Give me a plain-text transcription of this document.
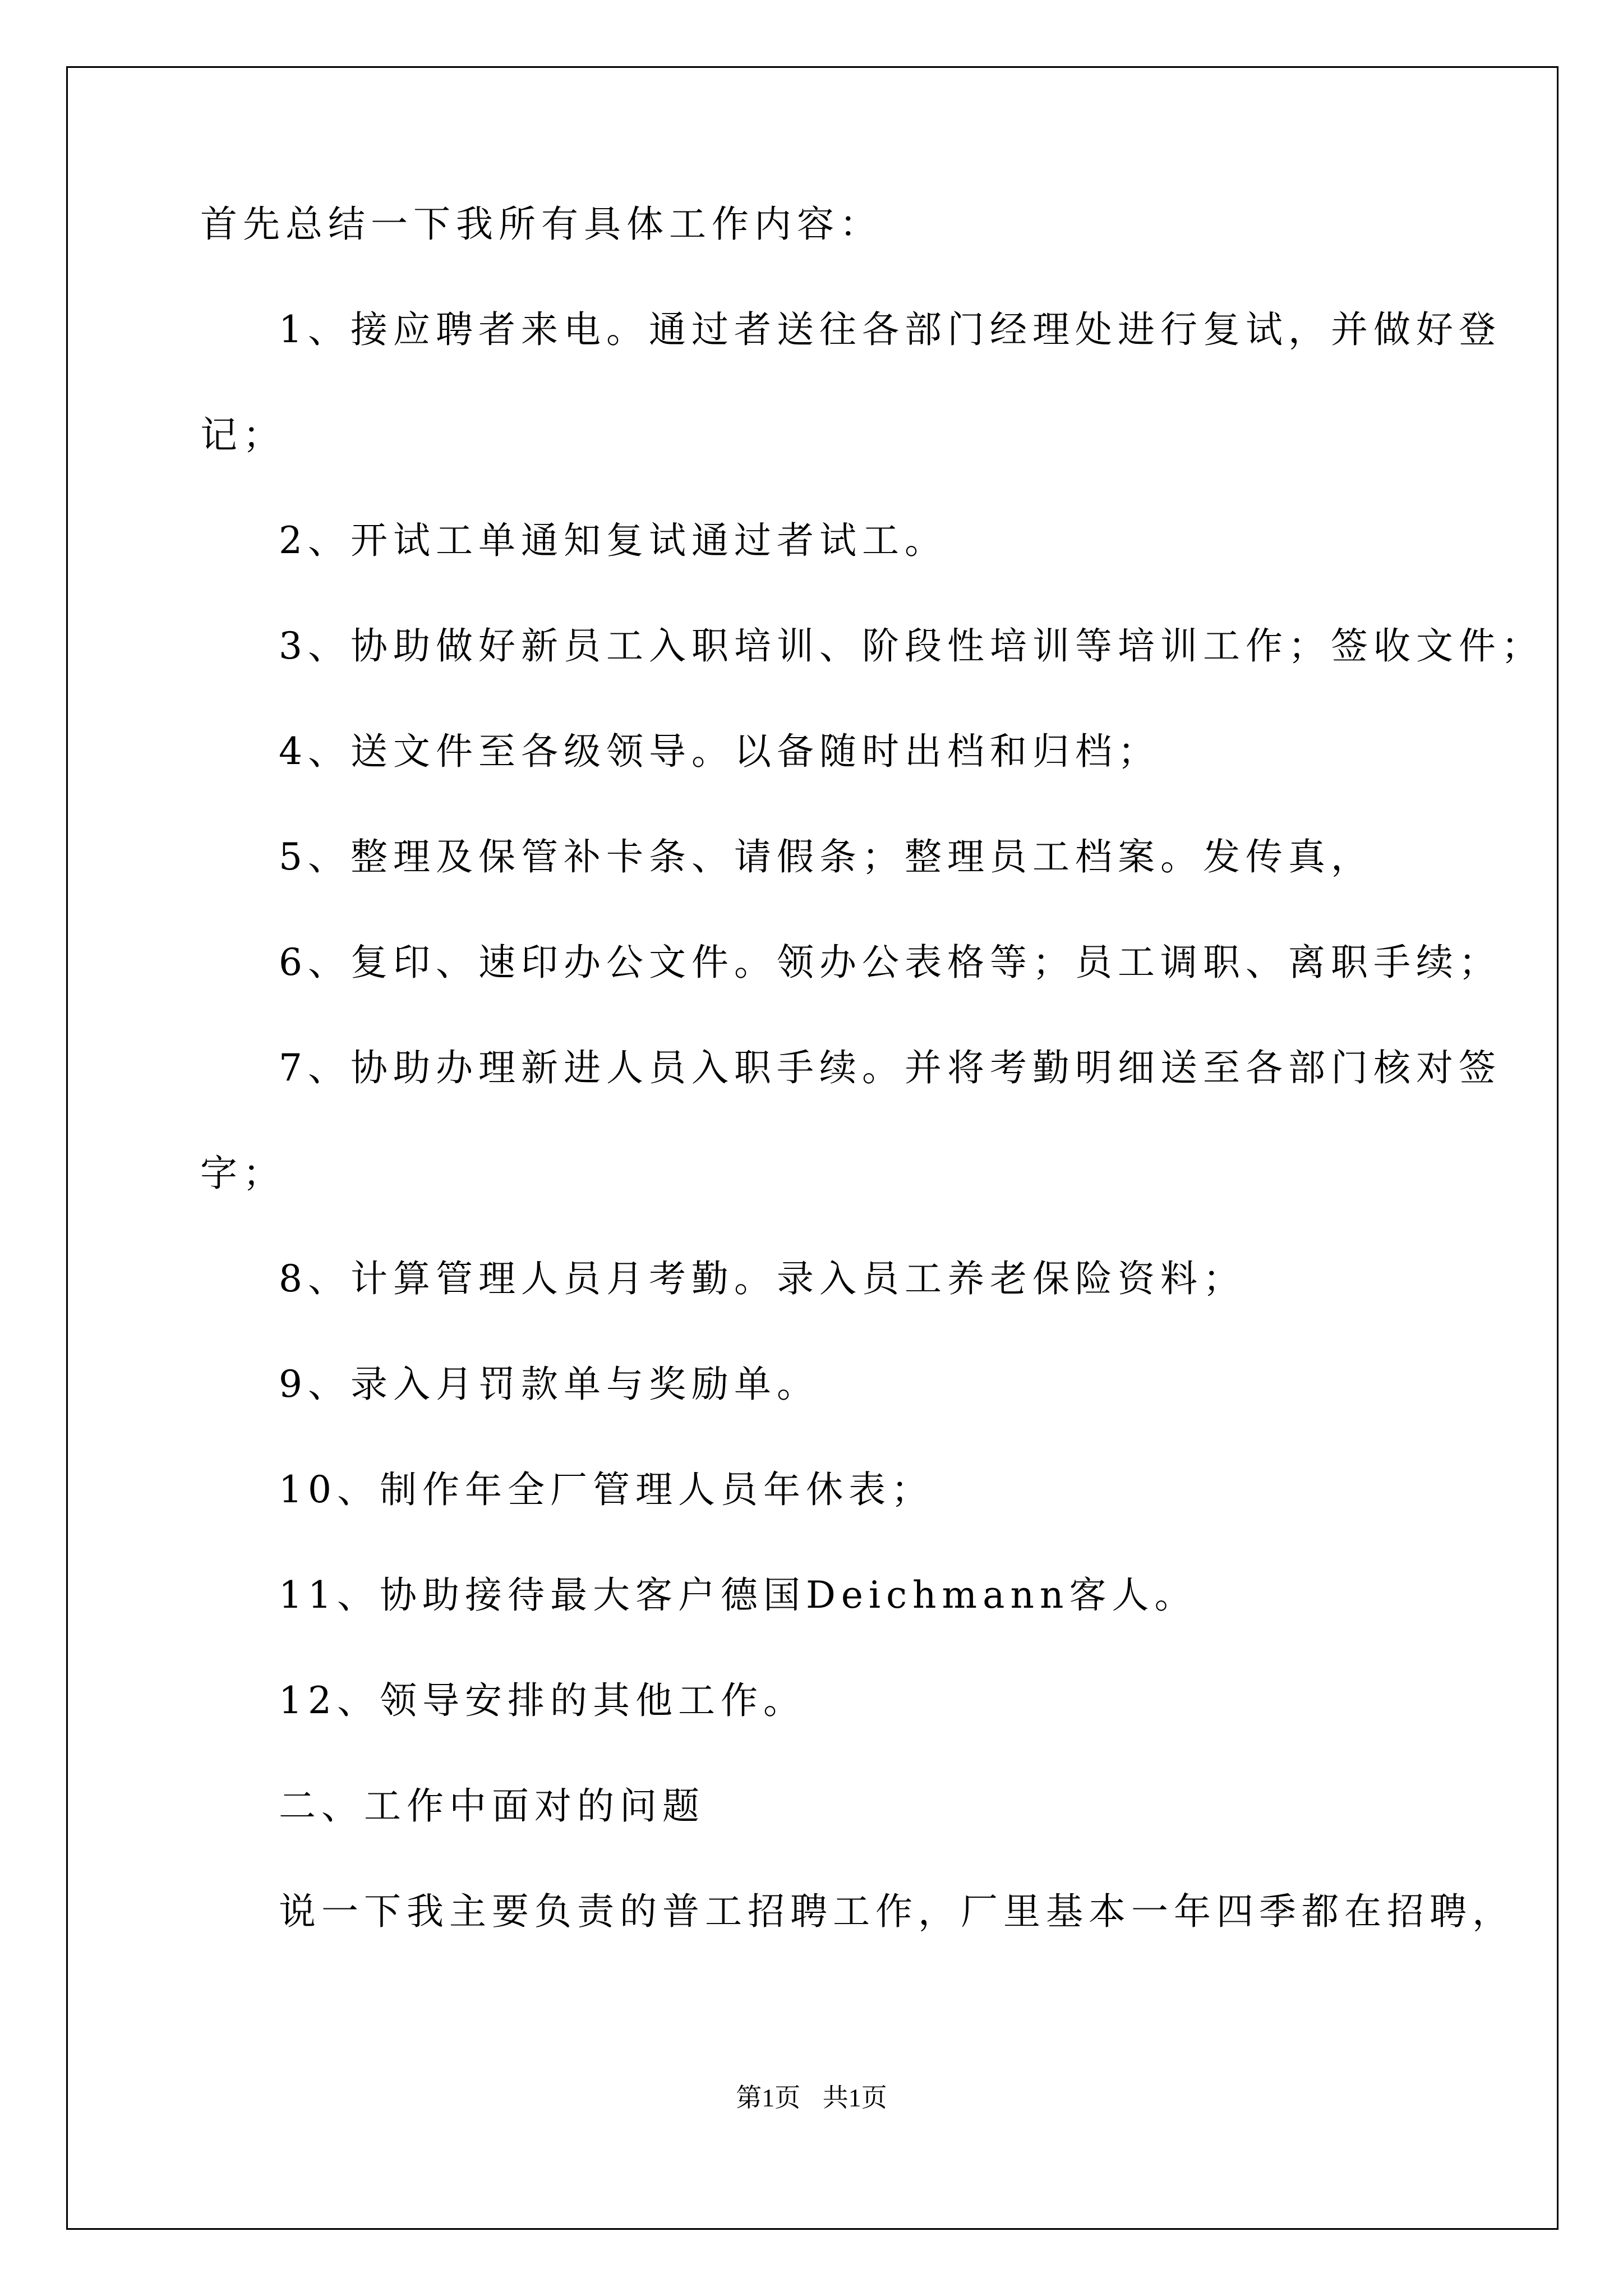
首先总结一下我所有具体工作内容：
1、接应聘者来电。通过者送往各部门经理处进行复试，并做好登
记；
2、开试工单通知复试通过者试工。
3、协助做好新员工入职培训、阶段性培训等培训工作；签收文件；
4、送文件至各级领导。以备随时出档和归档；
5、整理及保管补卡条、请假条；整理员工档案。发传真，
6、复印、速印办公文件。领办公表格等；员工调职、离职手续；
7、协助办理新进人员入职手续。并将考勤明细送至各部门核对签
字；
8、计算管理人员月考勤。录入员工养老保险资料；
9、录入月罚款单与奖励单。
10、制作年全厂管理人员年休表；
11、协助接待最大客户德国Deichmann客人。
12、领导安排的其他工作。
二、工作中面对的问题
说一下我主要负责的普工招聘工作，厂里基本一年四季都在招聘，
第1页 共1页
